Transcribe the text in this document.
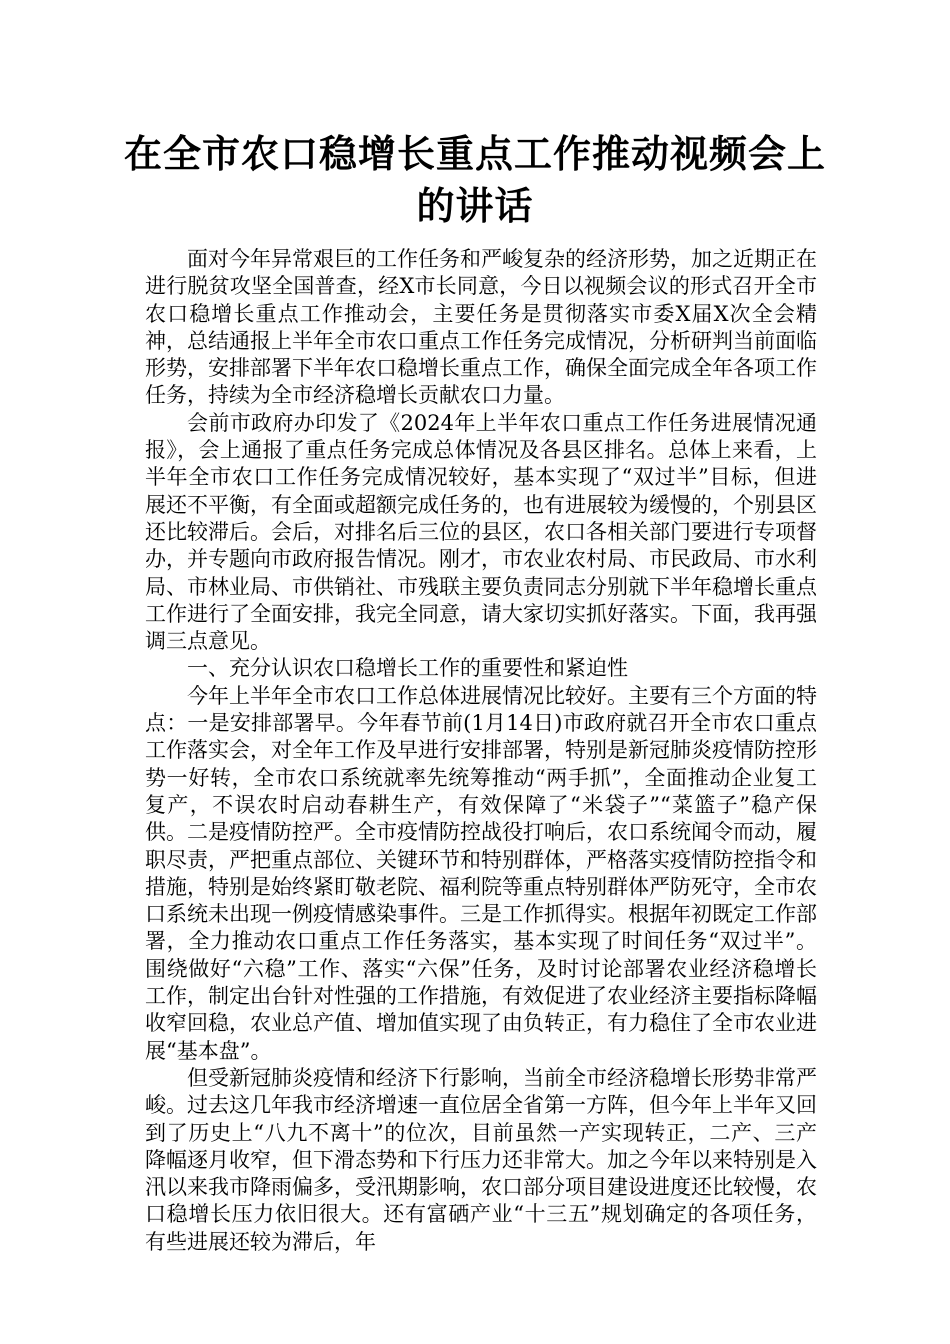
在全市农口稳增长重点工作推动视频会上的讲话

面对今年异常艰巨的工作任务和严峻复杂的经济形势，加之近期正在进行脱贫攻坚全国普查，经X市长同意，今日以视频会议的形式召开全市农口稳增长重点工作推动会，主要任务是贯彻落实市委X届X次全会精神，总结通报上半年全市农口重点工作任务完成情况，分析研判当前面临形势，安排部署下半年农口稳增长重点工作，确保全面完成全年各项工作任务，持续为全市经济稳增长贡献农口力量。

会前市政府办印发了《2024年上半年农口重点工作任务进展情况通报》，会上通报了重点任务完成总体情况及各县区排名。总体上来看，上半年全市农口工作任务完成情况较好，基本实现了“双过半”目标，但进展还不平衡，有全面或超额完成任务的，也有进展较为缓慢的，个别县区还比较滞后。会后，对排名后三位的县区，农口各相关部门要进行专项督办，并专题向市政府报告情况。刚才，市农业农村局、市民政局、市水利局、市林业局、市供销社、市残联主要负责同志分别就下半年稳增长重点工作进行了全面安排，我完全同意，请大家切实抓好落实。下面，我再强调三点意见。

一、充分认识农口稳增长工作的重要性和紧迫性

今年上半年全市农口工作总体进展情况比较好。主要有三个方面的特点：一是安排部署早。今年春节前(1月14日)市政府就召开全市农口重点工作落实会，对全年工作及早进行安排部署，特别是新冠肺炎疫情防控形势一好转，全市农口系统就率先统筹推动“两手抓”，全面推动企业复工复产，不误农时启动春耕生产，有效保障了“米袋子”“菜篮子”稳产保供。二是疫情防控严。全市疫情防控战役打响后，农口系统闻令而动，履职尽责，严把重点部位、关键环节和特别群体，严格落实疫情防控指令和措施，特别是始终紧盯敬老院、福利院等重点特别群体严防死守，全市农口系统未出现一例疫情感染事件。三是工作抓得实。根据年初既定工作部署，全力推动农口重点工作任务落实，基本实现了时间任务“双过半”。围绕做好“六稳”工作、落实“六保”任务，及时讨论部署农业经济稳增长工作，制定出台针对性强的工作措施，有效促进了农业经济主要指标降幅收窄回稳，农业总产值、增加值实现了由负转正，有力稳住了全市农业进展“基本盘”。

但受新冠肺炎疫情和经济下行影响，当前全市经济稳增长形势非常严峻。过去这几年我市经济增速一直位居全省第一方阵，但今年上半年又回到了历史上“八九不离十”的位次，目前虽然一产实现转正，二产、三产降幅逐月收窄，但下滑态势和下行压力还非常大。加之今年以来特别是入汛以来我市降雨偏多，受汛期影响，农口部分项目建设进度还比较慢，农口稳增长压力依旧很大。还有富硒产业“十三五”规划确定的各项任务，有些进展还较为滞后，年
